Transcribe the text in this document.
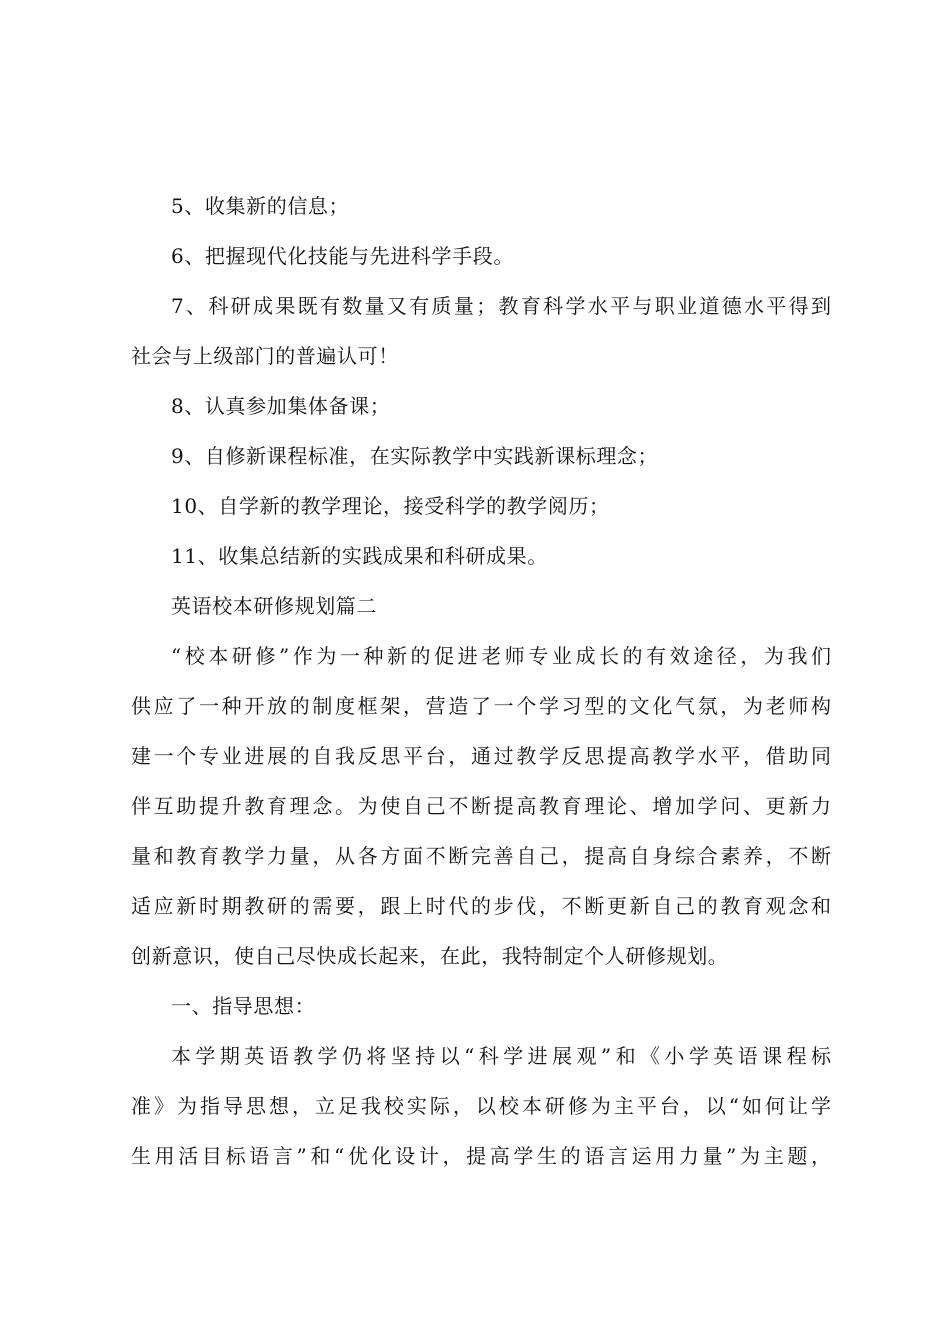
5、收集新的信息；
6、把握现代化技能与先进科学手段。
7、科研成果既有数量又有质量；教育科学水平与职业道德水平得到
社会与上级部门的普遍认可！
8、认真参加集体备课；
9、自修新课程标准，在实际教学中实践新课标理念；
10、自学新的教学理论，接受科学的教学阅历；
11、收集总结新的实践成果和科研成果。
英语校本研修规划篇二
“校本研修”作为一种新的促进老师专业成长的有效途径，为我们
供应了一种开放的制度框架，营造了一个学习型的文化气氛，为老师构
建一个专业进展的自我反思平台，通过教学反思提高教学水平，借助同
伴互助提升教育理念。为使自己不断提高教育理论、增加学问、更新力
量和教育教学力量，从各方面不断完善自己，提高自身综合素养，不断
适应新时期教研的需要，跟上时代的步伐，不断更新自己的教育观念和
创新意识，使自己尽快成长起来，在此，我特制定个人研修规划。
一、指导思想：
本学期英语教学仍将坚持以“科学进展观”和《小学英语课程标
准》为指导思想，立足我校实际，以校本研修为主平台，以“如何让学
生用活目标语言”和“优化设计，提高学生的语言运用力量”为主题，
